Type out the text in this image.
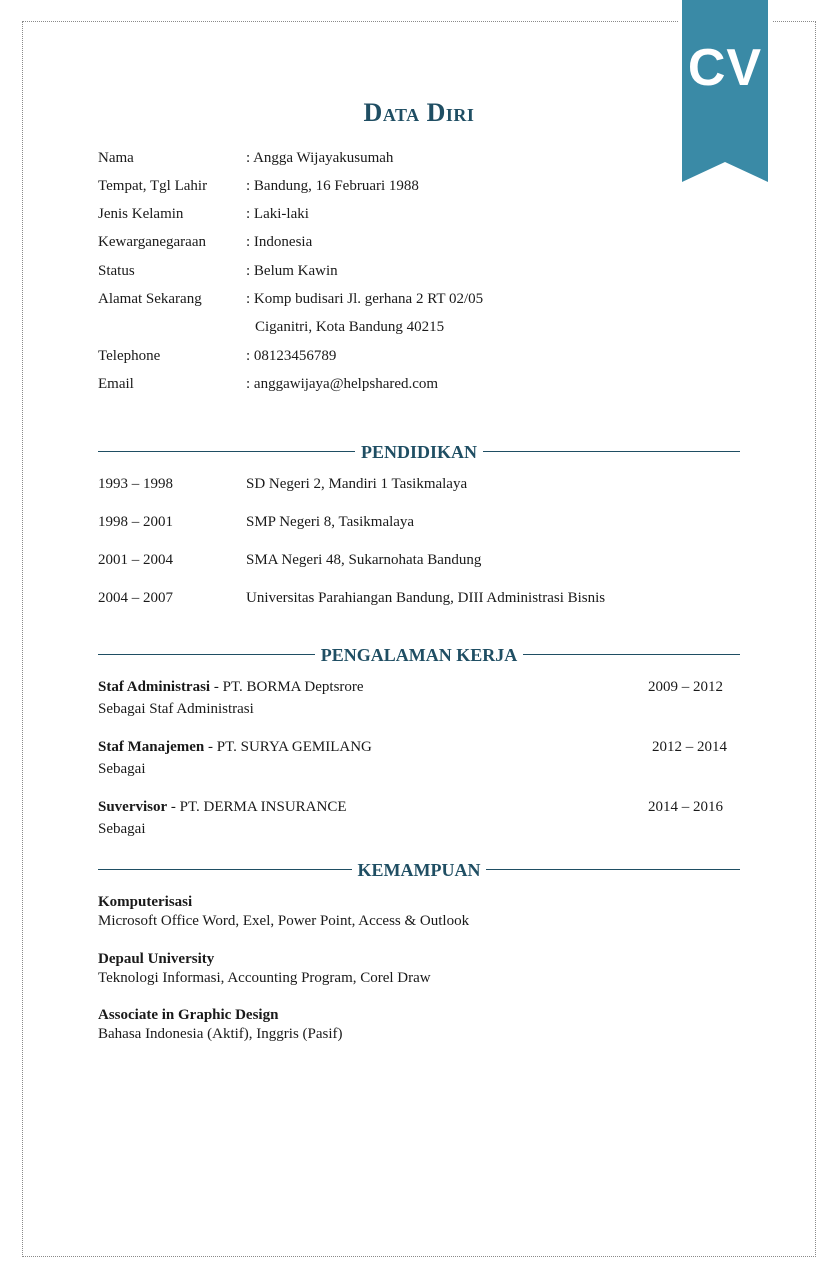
CV
Data Diri
Nama	: Angga Wijayakusumah
Tempat, Tgl Lahir	: Bandung, 16 Februari 1988
Jenis Kelamin	: Laki-laki
Kewarganegaraan	: Indonesia
Status	: Belum Kawin
Alamat Sekarang	: Komp budisari Jl. gerhana 2 RT 02/05
Ciganitri, Kota Bandung 40215
Telephone	: 08123456789
Email	: anggawijaya@helpshared.com
PENDIDIKAN
1993 – 1998	SD Negeri 2, Mandiri 1 Tasikmalaya
1998 – 2001	SMP Negeri 8, Tasikmalaya
2001 – 2004	SMA Negeri 48, Sukarnohata Bandung
2004 – 2007	Universitas Parahiangan Bandung, DIII Administrasi Bisnis
PENGALAMAN KERJA
Staf Administrasi - PT. BORMA Deptsrore	2009 – 2012
Sebagai Staf Administrasi
Staf Manajemen - PT. SURYA GEMILANG	2012 – 2014
Sebagai
Suvervisor - PT. DERMA INSURANCE	2014 – 2016
Sebagai
KEMAMPUAN
Komputerisasi
Microsoft Office Word, Exel, Power Point, Access & Outlook
Depaul University
Teknologi Informasi, Accounting Program, Corel Draw
Associate in Graphic Design
Bahasa Indonesia (Aktif), Inggris (Pasif)
